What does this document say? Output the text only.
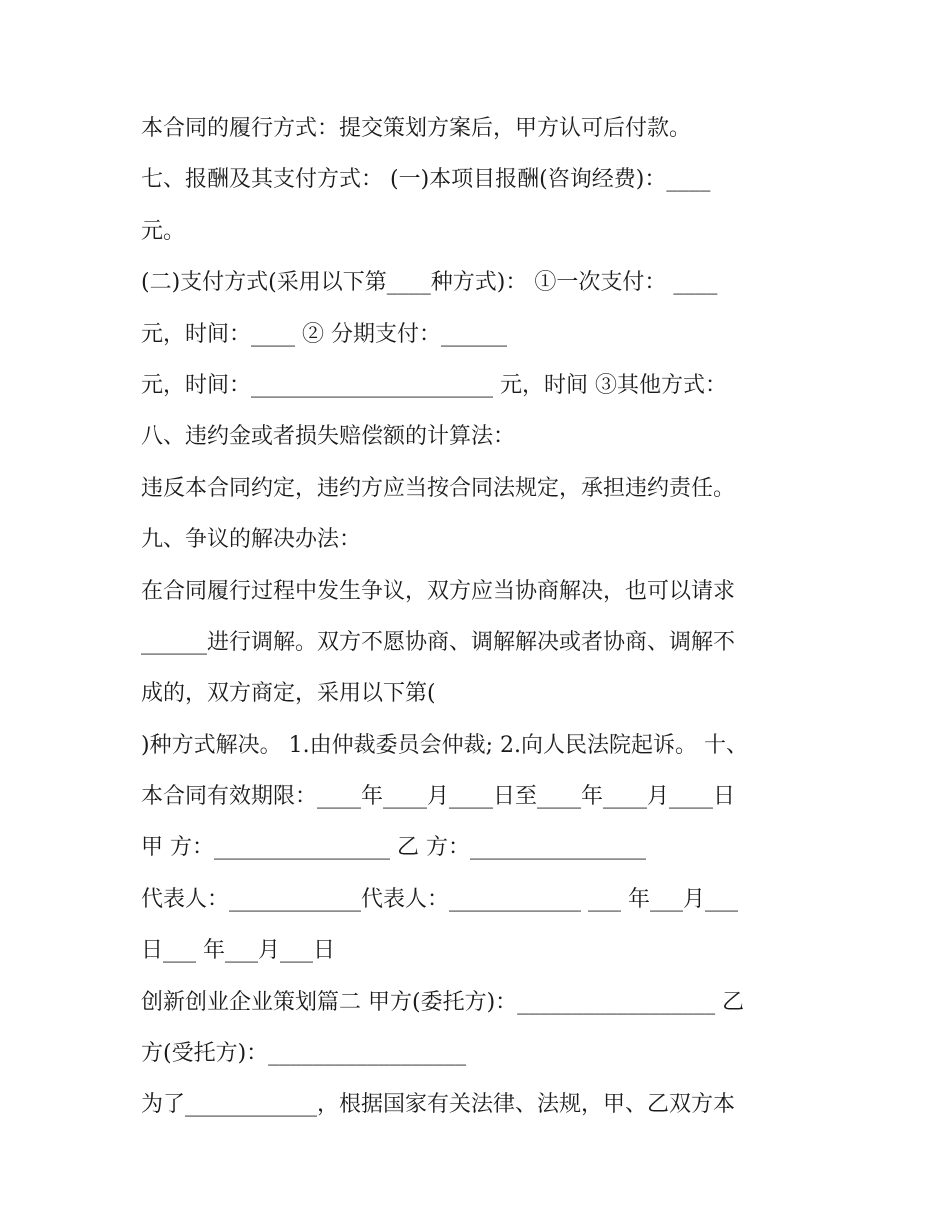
本合同的履行方式：提交策划方案后，甲方认可后付款。
七、报酬及其支付方式： (一)本项目报酬(咨询经费)：____
元。
(二)支付方式(采用以下第____种方式)： ①一次支付： ____
元，时间：____ ② 分期支付：______
元，时间：______________________ 元，时间 ③其他方式：
八、违约金或者损失赔偿额的计算法：
违反本合同约定，违约方应当按合同法规定，承担违约责任。
九、争议的解决办法：
在合同履行过程中发生争议，双方应当协商解决，也可以请求
______进行调解。双方不愿协商、调解解决或者协商、调解不
成的，双方商定，采用以下第(
)种方式解决。 1.由仲裁委员会仲裁; 2.向人民法院起诉。 十、
本合同有效期限：____年____月____日至____年____月____日
甲 方：________________ 乙 方：________________
代表人：____________代表人：____________ ___ 年___月___
日___ 年___月___日
创新创业企业策划篇二 甲方(委托方)：__________________ 乙
方(受托方)：__________________
为了____________，根据国家有关法律、法规，甲、乙双方本
